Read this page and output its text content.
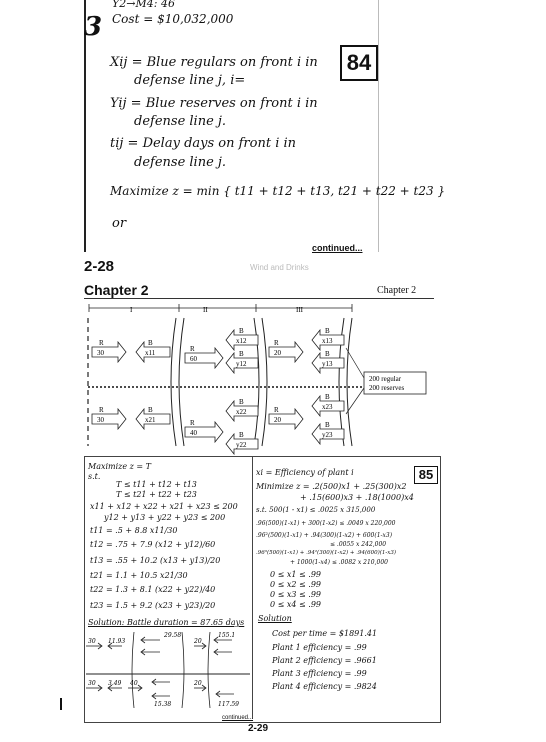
3
Y2→M4: 46
Cost = $10,032,000
84
Xij = Blue regulars on front i in
defense line j, i=
Yij = Blue reserves on front i in
defense line j.
tij = Delay days on front i in
defense line j.
Maximize z = min { t11 + t12 + t13, t21 + t22 + t23 }
or
continued...
2-28	Wind and Drinks
Chapter 2	Chapter 2
I	II	III
R
30
B
x11	R
60
B
x12
B
y12
R
20
B
x13
B
y13
R
30
B
x21	R
40
B
x22
B
y22
R
20
B
x23
B
y23
200 regular
200 reserves
85
Maximize z = T
s.t.
T ≤ t11 + t12 + t13
T ≤ t21 + t22 + t23
x11 + x12 + x22 + x21 + x23 ≤ 200
y12 + y13 + y22 + y23 ≤ 200
t11 = .5 + 8.8 x11/30
t12 = .75 + 7.9 (x12 + y12)/60
t13 = .55 + 10.2 (x13 + y13)/20
t21 = 1.1 + 10.5 x21/30
t22 = 1.3 + 8.1 (x22 + y22)/40
t23 = 1.5 + 9.2 (x23 + y23)/20
Solution: Battle duration = 87.65 days
30 11.93
29.58
20
155.1
30 3.49 40
15.38
20
117.59
xi = Efficiency of plant i
Minimize z = .2(500)x1 + .25(300)x2
+ .15(600)x3 + .18(1000)x4
s.t. 500(1 - x1) ≤ .0025 x 315,000
.96(500)(1-x1) + 300(1-x2) ≤ .0049 x 220,000
.96²(500)(1-x1) + .94(300)(1-x2) + 600(1-x3)
≤ .0055 x 242,000
.96³(500)(1-x1) + .94²(300)(1-x2) + .94(600)(1-x3)
+ 1000(1-x4) ≤ .0082 x 210,000
0 ≤ x1 ≤ .99
0 ≤ x2 ≤ .99
0 ≤ x3 ≤ .99
0 ≤ x4 ≤ .99
Solution
Cost per time = $1891.41
Plant 1 efficiency = .99
Plant 2 efficiency = .9661
Plant 3 efficiency = .99
Plant 4 efficiency = .9824
continued...
2-29
